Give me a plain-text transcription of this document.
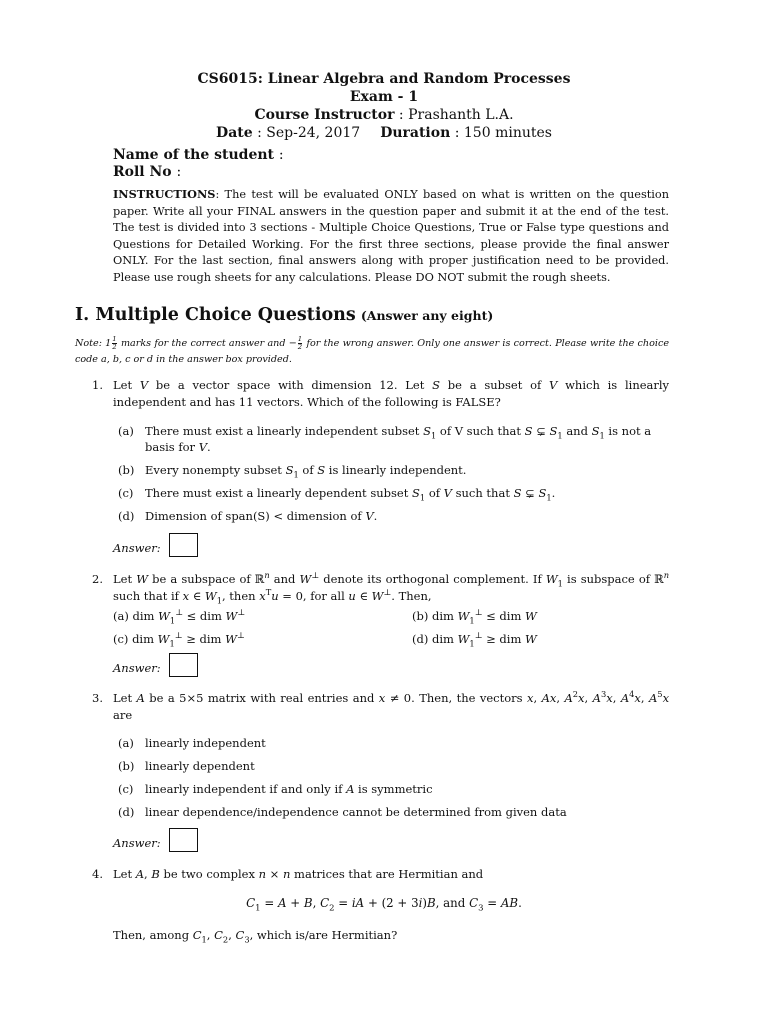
CS6015: Linear Algebra and Random Processes
Exam - 1
Course Instructor : Prashanth L.A.
Date : Sep-24, 2017 Duration : 150 minutes
Name of the student :
Roll No :
INSTRUCTIONS: The test will be evaluated ONLY based on what is written on the question paper. Write all your FINAL answers in the question paper and submit it at the end of the test. The test is divided into 3 sections - Multiple Choice Questions, True or False type questions and Questions for Detailed Working. For the first three sections, please provide the final answer ONLY. For the last section, final answers along with proper justification need to be provided. Please use rough sheets for any calculations. Please DO NOT submit the rough sheets.
I. Multiple Choice Questions (Answer any eight)
Note: $1 \frac{1}{2}$ marks for the correct answer and − $\frac{1}{2}$ for the wrong answer. Only one answer is correct. Please write the choice code a, b, c or d in the answer box provided.
1. Let V be a vector space with dimension 12. Let S be a subset of V which is linearly independent and has 11 vectors. Which of the following is FALSE?
(a) There must exist a linearly independent subset $S_1$ of V such that S ⊊ $S_1$ and $S_1$ is not a basis for V.
(b) Every nonempty subset $S_1$ of S is linearly independent.
(c) There must exist a linearly dependent subset $S_1$ of V such that S ⊊ $S_1$.
(d) Dimension of span(S) < dimension of V.
Answer:
2. Let W be a subspace of ℝ$^n$ and W⊥ denote its orthogonal complement. If $W_1$ is subspace of ℝ$^n$ such that if x ∈ $W_1$, then $x^Tu = 0$, for all u ∈ W⊥. Then,
(a) dim $W_1^\perp$ ≤ dim W⊥	(b) dim $W_1^\perp$ ≤ dim W
(c) dim $W_1^\perp$ ≥ dim W⊥	(d) dim $W_1^\perp$ ≥ dim W
Answer:
3. Let A be a 5×5 matrix with real entries and x ≠ 0. Then, the vectors x, Ax, $A^2x$, $A^3x$, $A^4x$, $A^5x$ are
(a) linearly independent
(b) linearly dependent
(c) linearly independent if and only if A is symmetric
(d) linear dependence/independence cannot be determined from given data
Answer:
4. Let A, B be two complex n × n matrices that are Hermitian and
$C_1 = A + B$, $C_2$ = iA + (2 + 3i)B, and $C_3$ = AB.
Then, among $C_1$, $C_2$, $C_3$, which is/are Hermitian?
